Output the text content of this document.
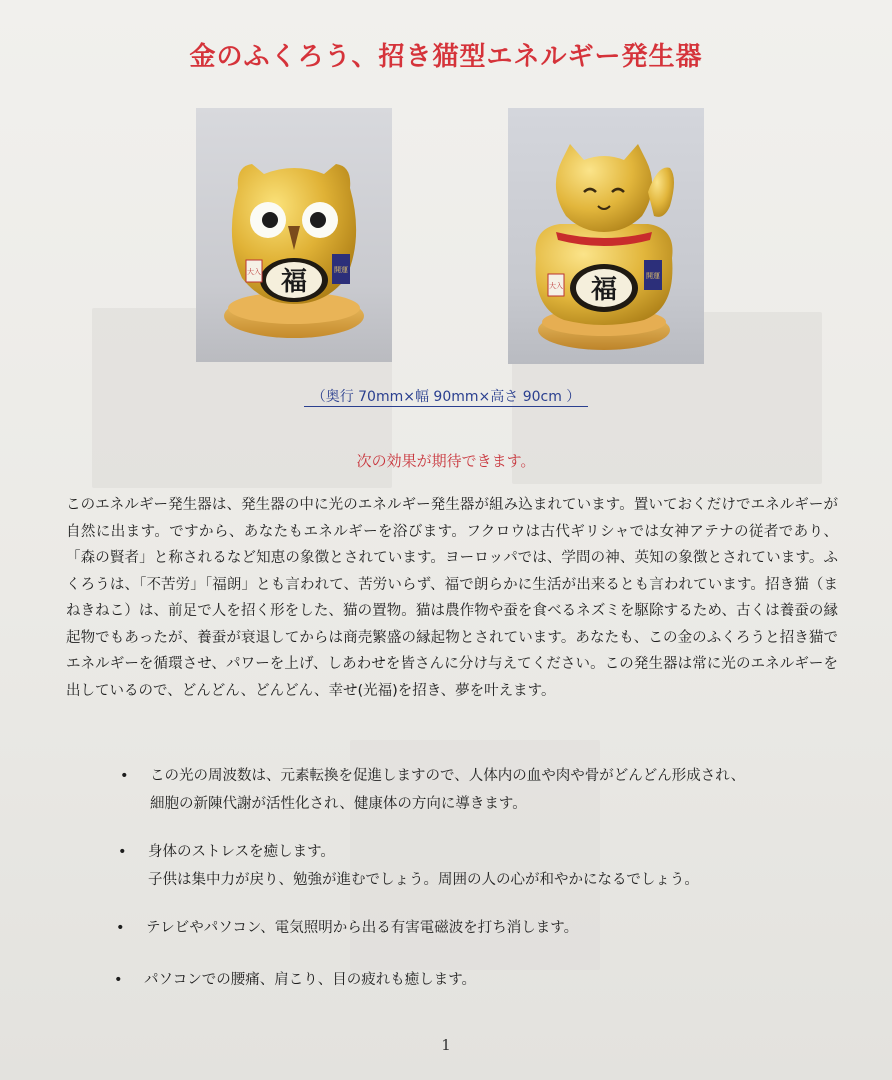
金のふくろう、招き猫型エネルギー発生器
福
大入	開運
福
大入
開運
（奥行 70mm×幅 90mm×高さ 90cm ）
次の効果が期待できます。
このエネルギー発生器は、発生器の中に光のエネルギー発生器が組み込まれています。置いておくだけでエネルギーが自然に出ます。ですから、あなたもエネルギーを浴びます。フクロウは古代ギリシャでは女神アテナの従者であり、「森の賢者」と称されるなど知恵の象徴とされています。ヨーロッパでは、学問の神、英知の象徴とされています。ふくろうは、「不苦労」「福朗」とも言われて、苦労いらず、福で朗らかに生活が出来るとも言われています。招き猫（まねきねこ）は、前足で人を招く形をした、猫の置物。猫は農作物や蚕を食べるネズミを駆除するため、古くは養蚕の縁起物でもあったが、養蚕が衰退してからは商売繁盛の縁起物とされています。あなたも、この金のふくろうと招き猫でエネルギーを循環させ、パワーを上げ、しあわせを皆さんに分け与えてください。この発生器は常に光のエネルギーを出しているので、どんどん、どんどん、幸せ(光福)を招き、夢を叶えます。
• この光の周波数は、元素転換を促進しますので、人体内の血や肉や骨がどんどん形成され、
細胞の新陳代謝が活性化され、健康体の方向に導きます。
• 身体のストレスを癒します。
子供は集中力が戻り、勉強が進むでしょう。周囲の人の心が和やかになるでしょう。
• テレビやパソコン、電気照明から出る有害電磁波を打ち消します。
• パソコンでの腰痛、肩こり、目の疲れも癒します。
1
